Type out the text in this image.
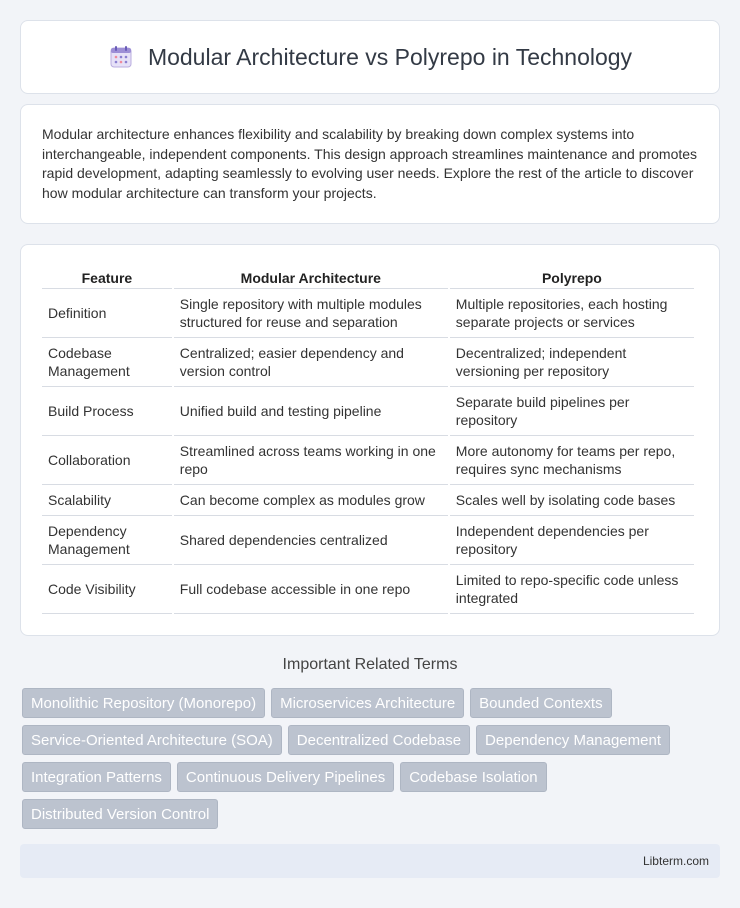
Modular Architecture vs Polyrepo in Technology

Modular architecture enhances flexibility and scalability by breaking down complex systems into interchangeable, independent components. This design approach streamlines maintenance and promotes rapid development, adapting seamlessly to evolving user needs. Explore the rest of the article to discover how modular architecture can transform your projects.

Feature	Modular Architecture	Polyrepo
Definition	Single repository with multiple modules structured for reuse and separation	Multiple repositories, each hosting separate projects or services
Codebase Management	Centralized; easier dependency and version control	Decentralized; independent versioning per repository
Build Process	Unified build and testing pipeline	Separate build pipelines per repository
Collaboration	Streamlined across teams working in one repo	More autonomy for teams per repo, requires sync mechanisms
Scalability	Can become complex as modules grow	Scales well by isolating code bases
Dependency Management	Shared dependencies centralized	Independent dependencies per repository
Code Visibility	Full codebase accessible in one repo	Limited to repo-specific code unless integrated
Important Related Terms
Monolithic Repository (Monorepo)	Microservices Architecture	Bounded Contexts
Service-Oriented Architecture (SOA)	Decentralized Codebase	Dependency Management
Integration Patterns	Continuous Delivery Pipelines	Codebase Isolation
Distributed Version Control
Libterm.com
